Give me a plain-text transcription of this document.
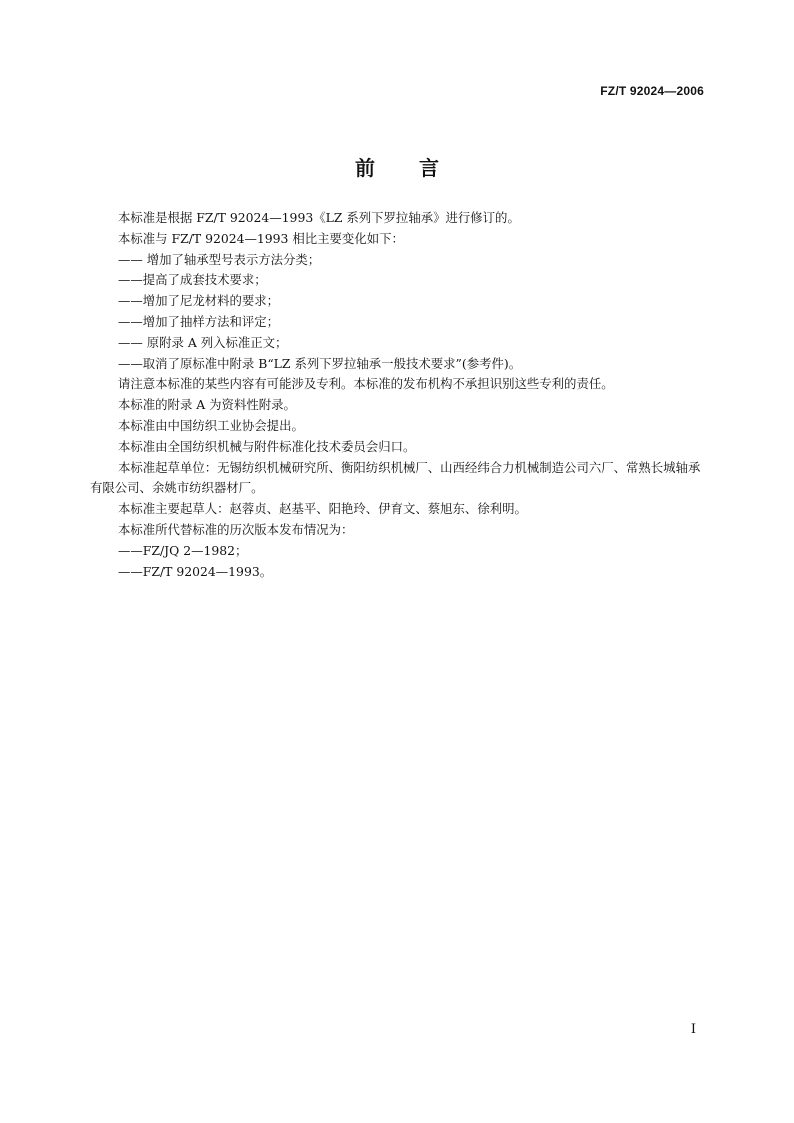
FZ/T 92024—2006
前 言

本标准是根据 FZ/T 92024—1993《LZ 系列下罗拉轴承》进行修订的。

本标准与 FZ/T 92024—1993 相比主要变化如下：

—— 增加了轴承型号表示方法分类；

——提高了成套技术要求；

——增加了尼龙材料的要求；

——增加了抽样方法和评定；

—— 原附录 A 列入标准正文；

——取消了原标准中附录 B“LZ 系列下罗拉轴承一般技术要求”(参考件)。

请注意本标准的某些内容有可能涉及专利。本标准的发布机构不承担识别这些专利的责任。

本标准的附录 A 为资料性附录。

本标准由中国纺织工业协会提出。

本标准由全国纺织机械与附件标准化技术委员会归口。

本标准起草单位：无锡纺织机械研究所、衡阳纺织机械厂、山西经纬合力机械制造公司六厂、常熟长城轴承有限公司、余姚市纺织器材厂。

本标准主要起草人：赵蓉贞、赵基平、阳艳玲、伊育文、蔡旭东、徐利明。

本标准所代替标准的历次版本发布情况为：

——FZ/JQ 2—1982；

——FZ/T 92024—1993。

I
